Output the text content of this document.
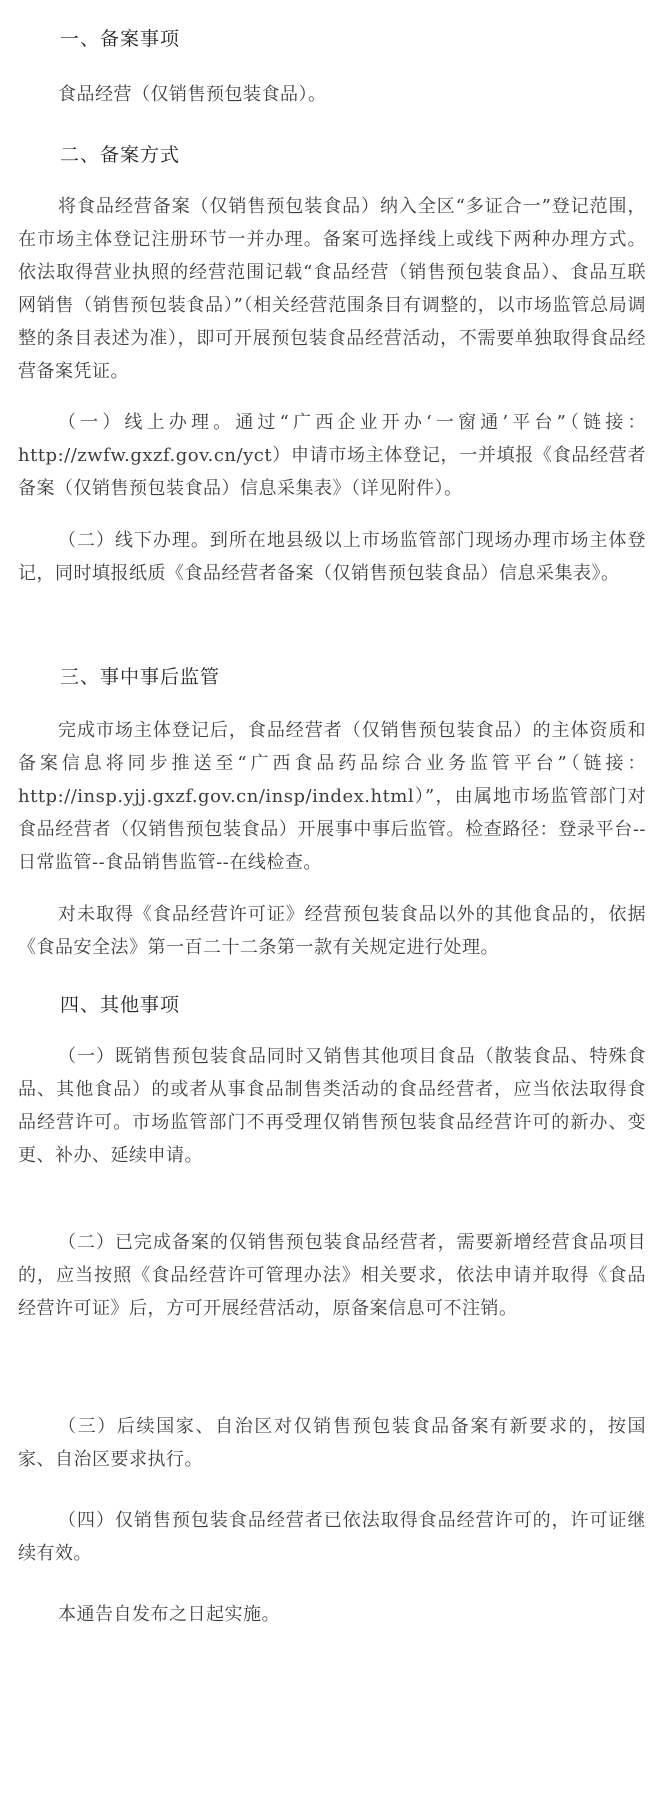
一、备案事项

食品经营（仅销售预包装食品）。

二、备案方式

将食品经营备案（仅销售预包装食品）纳入全区“多证合一”登记范围，在市场主体登记注册环节一并办理。备案可选择线上或线下两种办理方式。依法取得营业执照的经营范围记载“食品经营（销售预包装食品）、食品互联网销售（销售预包装食品）”（相关经营范围条目有调整的，以市场监管总局调整的条目表述为准），即可开展预包装食品经营活动，不需要单独取得食品经营备案凭证。

（一）线上办理。通过“广西企业开办‘一窗通’平台”（链接：http://zwfw.gxzf.gov.cn/yct）申请市场主体登记，一并填报《食品经营者备案（仅销售预包装食品）信息采集表》（详见附件）。

（二）线下办理。到所在地县级以上市场监管部门现场办理市场主体登记，同时填报纸质《食品经营者备案（仅销售预包装食品）信息采集表》。

三、事中事后监管

完成市场主体登记后，食品经营者（仅销售预包装食品）的主体资质和备案信息将同步推送至“广西食品药品综合业务监管平台”（链接：http://insp.yjj.gxzf.gov.cn/insp/index.html）”，由属地市场监管部门对食品经营者（仅销售预包装食品）开展事中事后监管。检查路径：登录平台--日常监管--食品销售监管--在线检查。

对未取得《食品经营许可证》经营预包装食品以外的其他食品的，依据《食品安全法》第一百二十二条第一款有关规定进行处理。

四、其他事项

（一）既销售预包装食品同时又销售其他项目食品（散装食品、特殊食品、其他食品）的或者从事食品制售类活动的食品经营者，应当依法取得食品经营许可。市场监管部门不再受理仅销售预包装食品经营许可的新办、变更、补办、延续申请。

（二）已完成备案的仅销售预包装食品经营者，需要新增经营食品项目的，应当按照《食品经营许可管理办法》相关要求，依法申请并取得《食品经营许可证》后，方可开展经营活动，原备案信息可不注销。

（三）后续国家、自治区对仅销售预包装食品备案有新要求的，按国家、自治区要求执行。

（四）仅销售预包装食品经营者已依法取得食品经营许可的，许可证继续有效。

本通告自发布之日起实施。
